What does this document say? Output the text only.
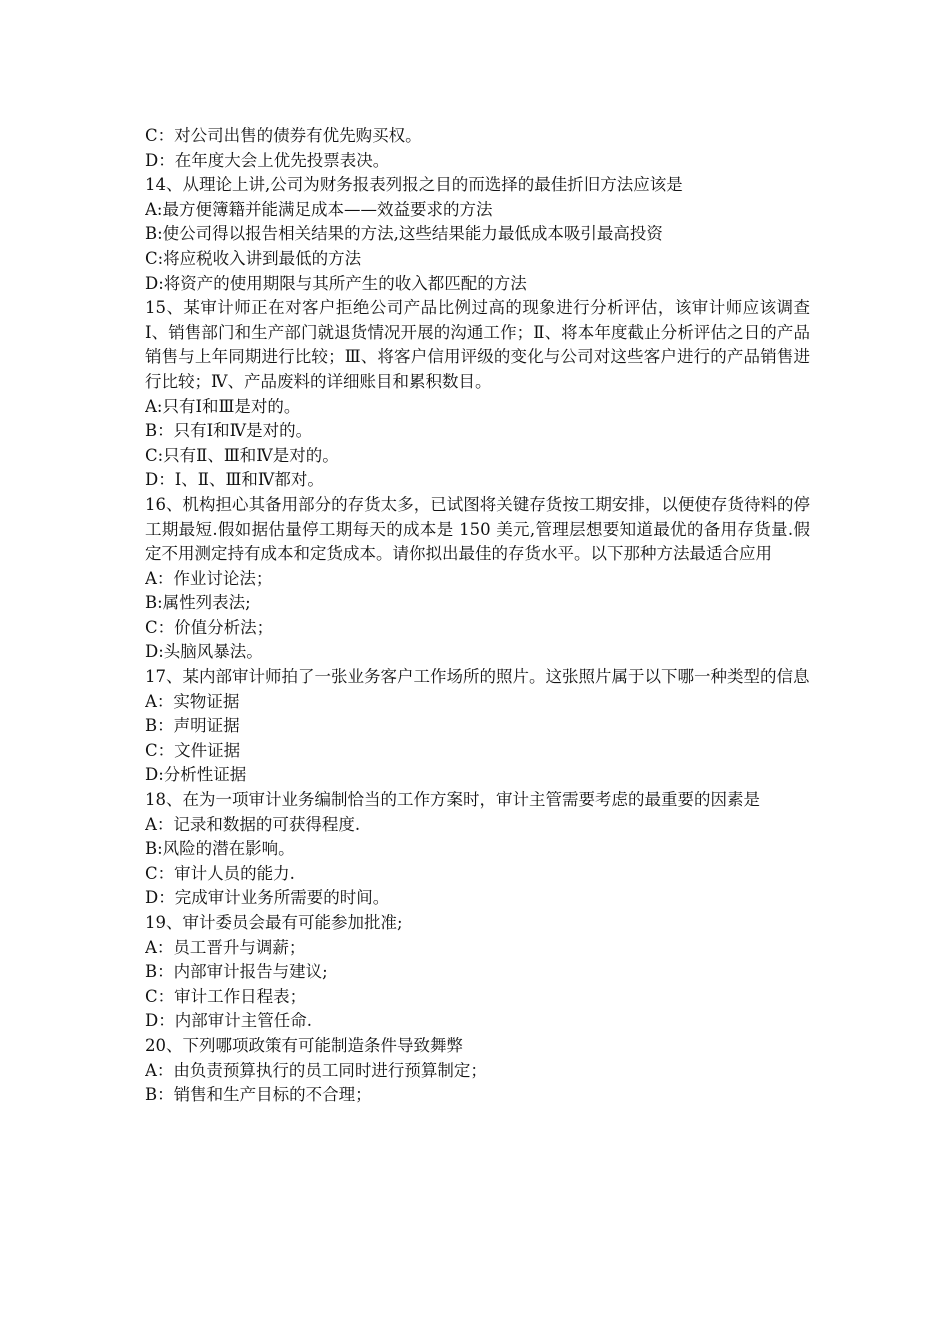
C：对公司出售的债券有优先购买权。
D：在年度大会上优先投票表决。
14、从理论上讲,公司为财务报表列报之目的而选择的最佳折旧方法应该是
A:最方便簿籍并能满足成本——效益要求的方法
B:使公司得以报告相关结果的方法,这些结果能力最低成本吸引最高投资
C:将应税收入讲到最低的方法
D:将资产的使用期限与其所产生的收入都匹配的方法
15、某审计师正在对客户拒绝公司产品比例过高的现象进行分析评估，该审计师应该调查Ⅰ、销售部门和生产部门就退货情况开展的沟通工作；Ⅱ、将本年度截止分析评估之日的产品销售与上年同期进行比较；Ⅲ、将客户信用评级的变化与公司对这些客户进行的产品销售进行比较；Ⅳ、产品废料的详细账目和累积数目。
A:只有Ⅰ和Ⅲ是对的。
B：只有Ⅰ和Ⅳ是对的。
C:只有Ⅱ、Ⅲ和Ⅳ是对的。
D：Ⅰ、Ⅱ、Ⅲ和Ⅳ都对。
16、机构担心其备用部分的存货太多，已试图将关键存货按工期安排，以便使存货待料的停工期最短.假如据估量停工期每天的成本是 150 美元,管理层想要知道最优的备用存货量.假定不用测定持有成本和定货成本。请你拟出最佳的存货水平。以下那种方法最适合应用
A：作业讨论法；
B:属性列表法;
C：价值分析法；
D:头脑风暴法。
17、某内部审计师拍了一张业务客户工作场所的照片。这张照片属于以下哪一种类型的信息
A：实物证据
B：声明证据
C：文件证据
D:分析性证据
18、在为一项审计业务编制恰当的工作方案时，审计主管需要考虑的最重要的因素是
A：记录和数据的可获得程度.
B:风险的潜在影响。
C：审计人员的能力.
D：完成审计业务所需要的时间。
19、审计委员会最有可能参加批准;
A：员工晋升与调薪；
B：内部审计报告与建议;
C：审计工作日程表；
D：内部审计主管任命.
20、下列哪项政策有可能制造条件导致舞弊
A：由负责预算执行的员工同时进行预算制定；
B：销售和生产目标的不合理；
